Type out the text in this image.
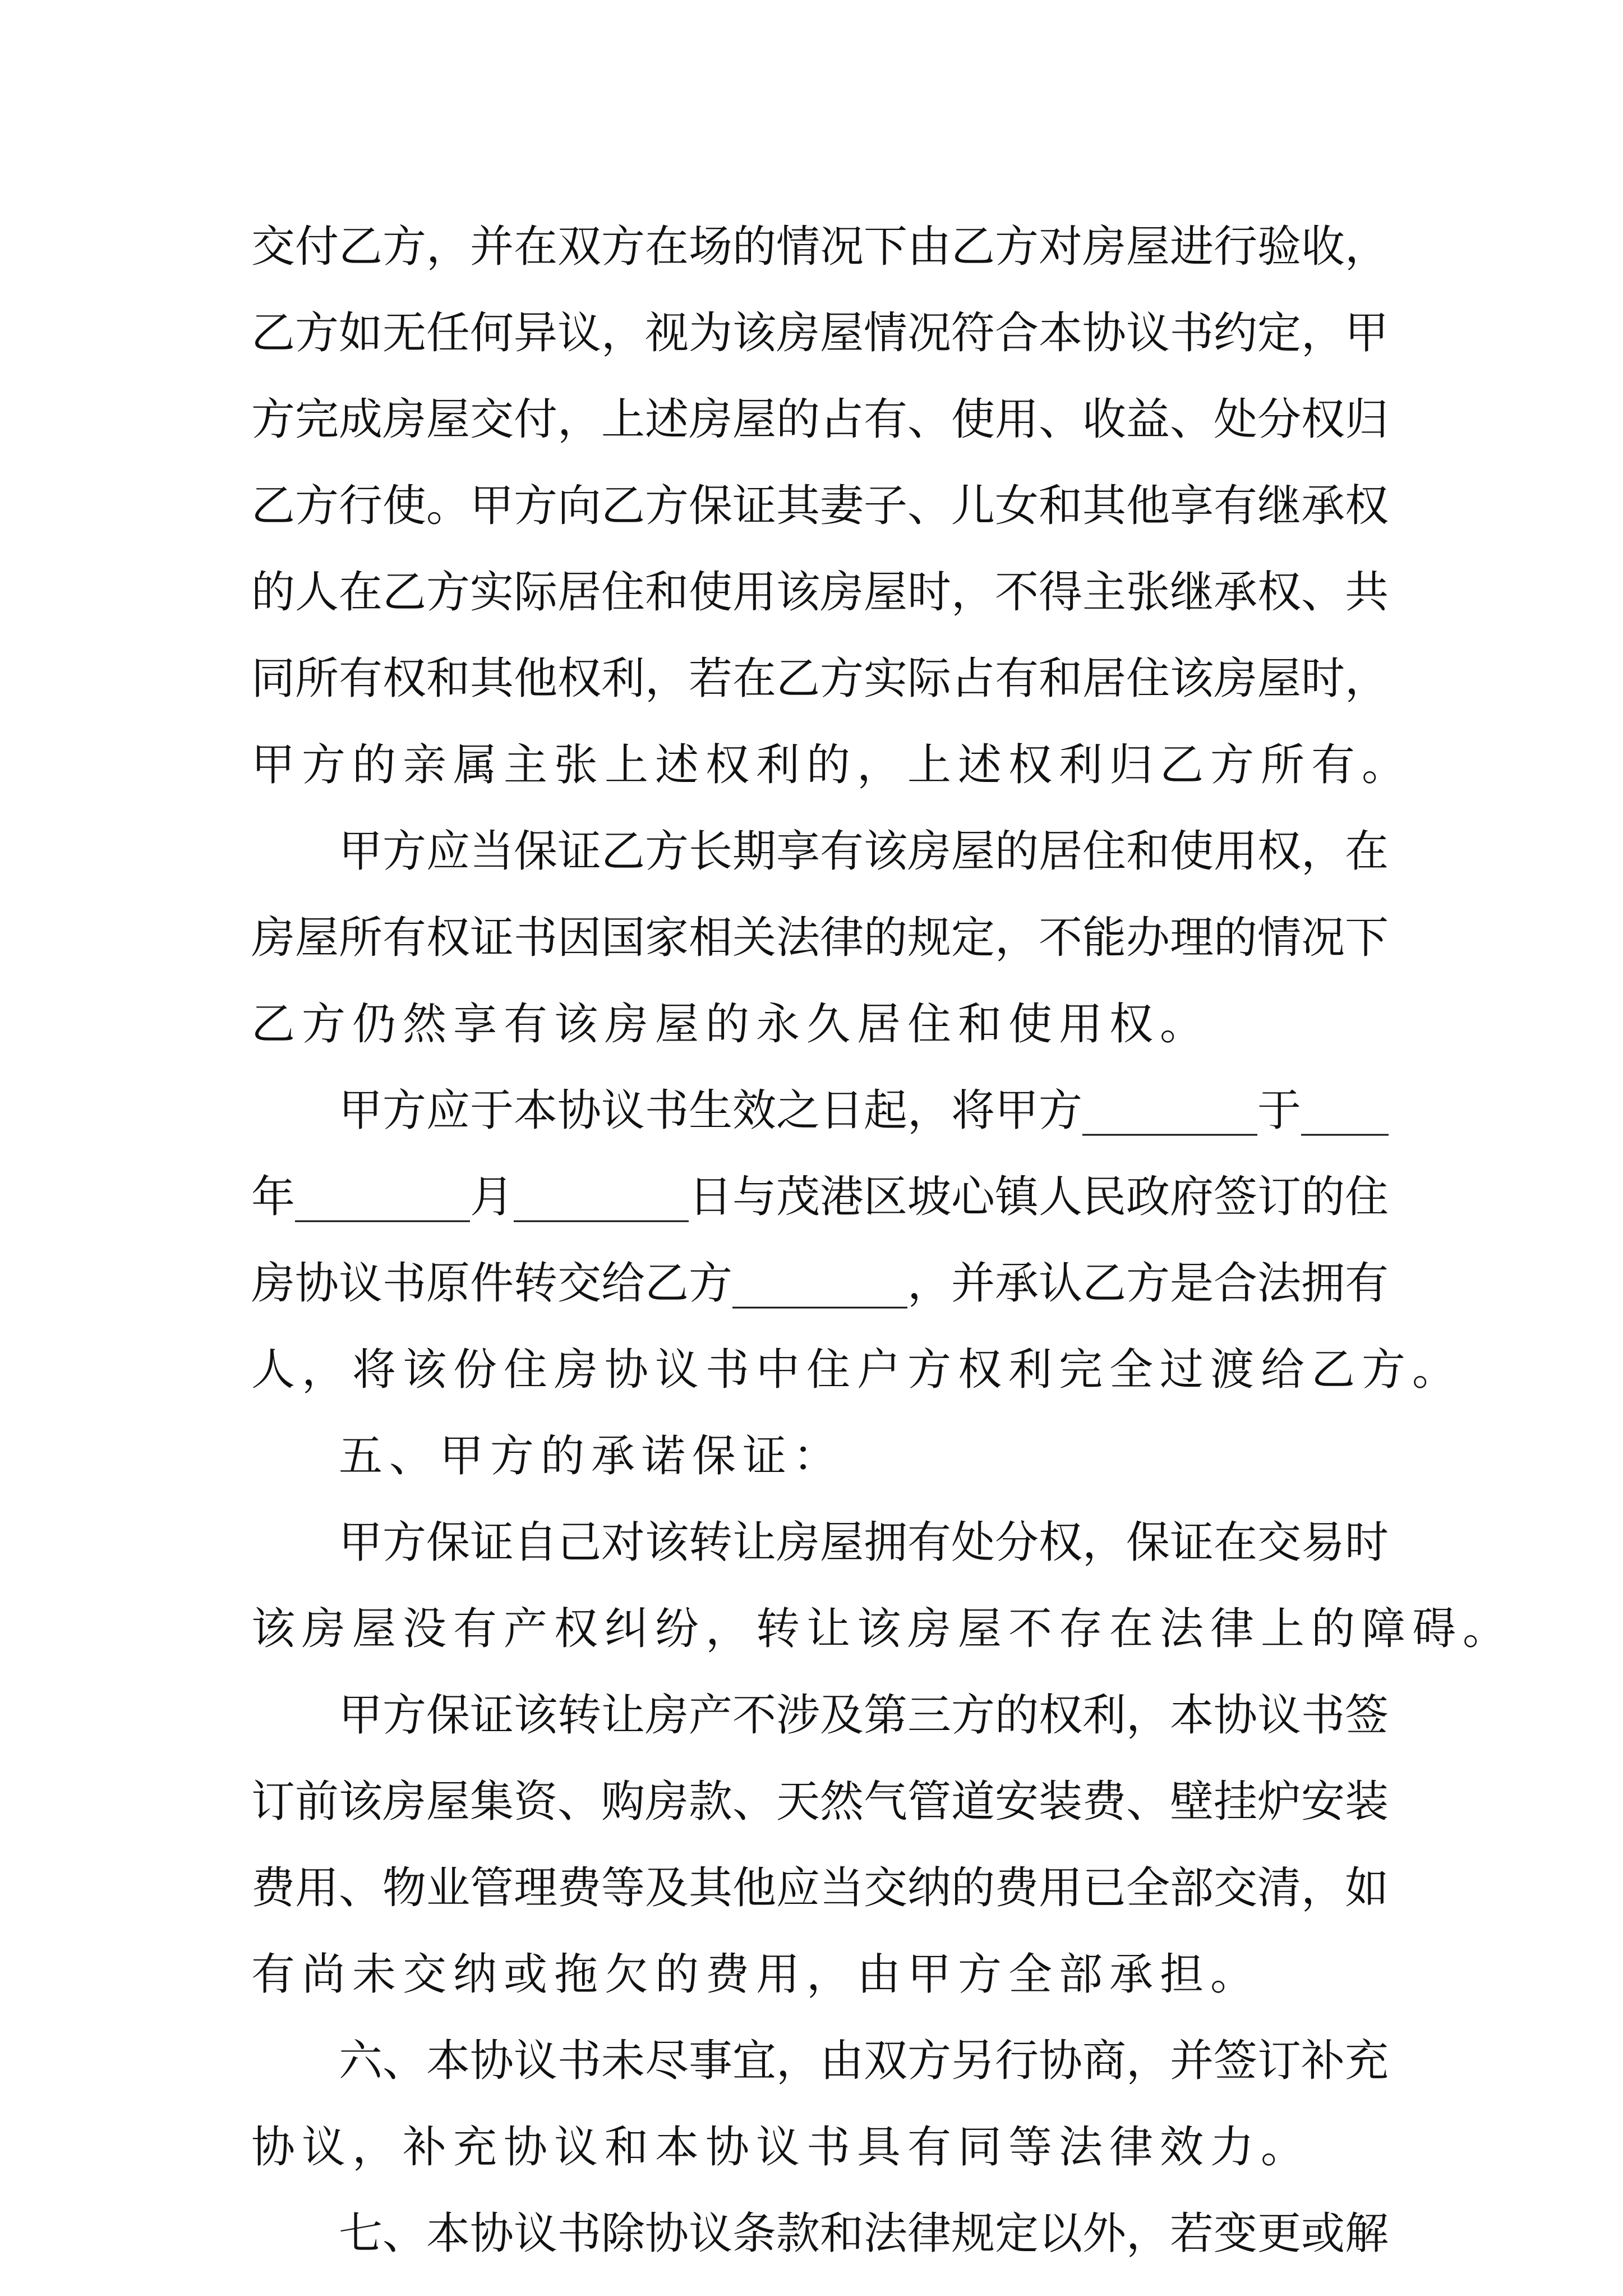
交付乙方，并在双方在场的情况下由乙方对房屋进行验收，
乙方如无任何异议，视为该房屋情况符合本协议书约定，甲
方完成房屋交付，上述房屋的占有、使用、收益、处分权归
乙方行使。甲方向乙方保证其妻子、儿女和其他享有继承权
的人在乙方实际居住和使用该房屋时，不得主张继承权、共
同所有权和其他权利，若在乙方实际占有和居住该房屋时，
甲方的亲属主张上述权利的，上述权利归乙方所有。
甲方应当保证乙方长期享有该房屋的居住和使用权，在
房屋所有权证书因国家相关法律的规定，不能办理的情况下
乙方仍然享有该房屋的永久居住和使用权。
甲方应于本协议书生效之日起，将甲方________于____
年________月________日与茂港区坡心镇人民政府签订的住
房协议书原件转交给乙方________，并承认乙方是合法拥有
人，将该份住房协议书中住户方权利完全过渡给乙方。
五、甲方的承诺保证：
甲方保证自己对该转让房屋拥有处分权，保证在交易时
该房屋没有产权纠纷，转让该房屋不存在法律上的障碍。
甲方保证该转让房产不涉及第三方的权利，本协议书签
订前该房屋集资、购房款、天然气管道安装费、壁挂炉安装
费用、物业管理费等及其他应当交纳的费用已全部交清，如
有尚未交纳或拖欠的费用，由甲方全部承担。
六、本协议书未尽事宜，由双方另行协商，并签订补充
协议，补充协议和本协议书具有同等法律效力。
七、本协议书除协议条款和法律规定以外，若变更或解
